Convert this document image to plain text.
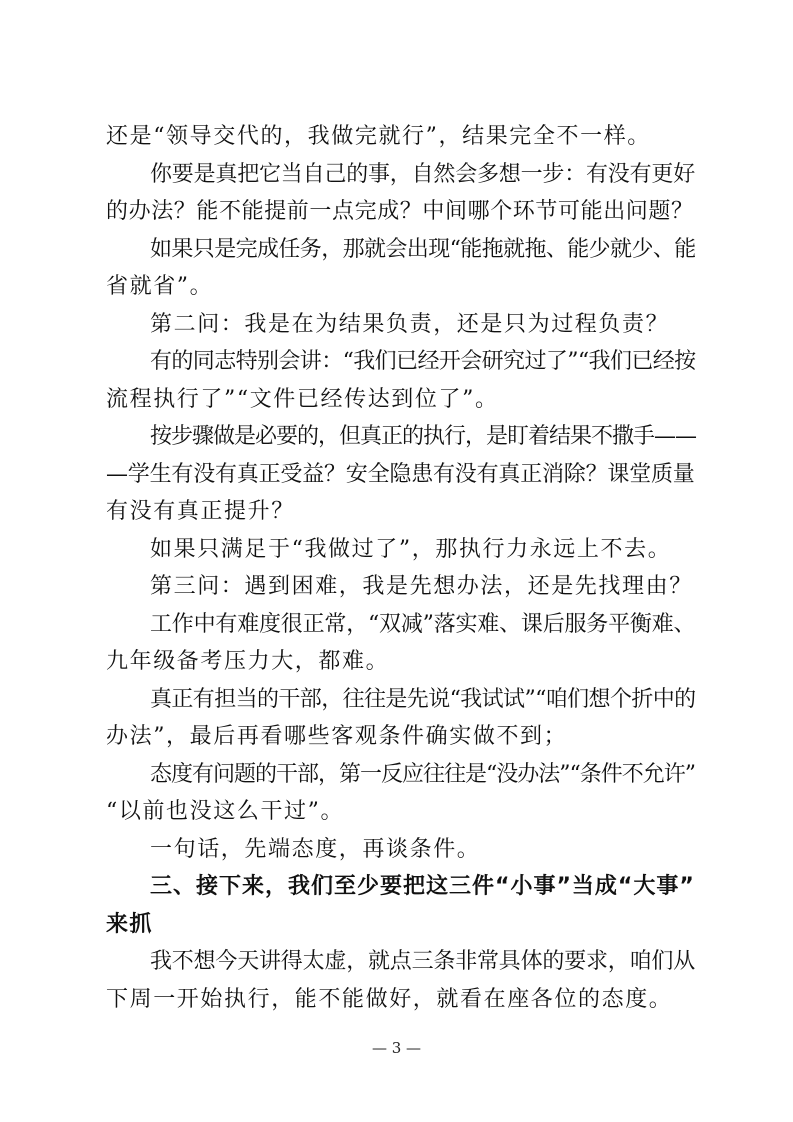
还是“领导交代的，我做完就行”，结果完全不一样。
你要是真把它当自己的事，自然会多想一步：有没有更好
的办法？能不能提前一点完成？中间哪个环节可能出问题？
如果只是完成任务，那就会出现“能拖就拖、能少就少、能
省就省”。
第二问：我是在为结果负责，还是只为过程负责？
有的同志特别会讲：“我们已经开会研究过了”“我们已经按
流程执行了”“文件已经传达到位了”。
按步骤做是必要的，但真正的执行，是盯着结果不撒手——
—学生有没有真正受益？安全隐患有没有真正消除？课堂质量
有没有真正提升？
如果只满足于“我做过了”，那执行力永远上不去。
第三问：遇到困难，我是先想办法，还是先找理由？
工作中有难度很正常，“双减”落实难、课后服务平衡难、
九年级备考压力大，都难。
真正有担当的干部，往往是先说“我试试”“咱们想个折中的
办法”，最后再看哪些客观条件确实做不到；
态度有问题的干部，第一反应往往是“没办法”“条件不允许”
“以前也没这么干过”。
一句话，先端态度，再谈条件。
三、接下来，我们至少要把这三件“小事”当成“大事”
来抓
我不想今天讲得太虚，就点三条非常具体的要求，咱们从
下周一开始执行，能不能做好，就看在座各位的态度。
— 3 —
